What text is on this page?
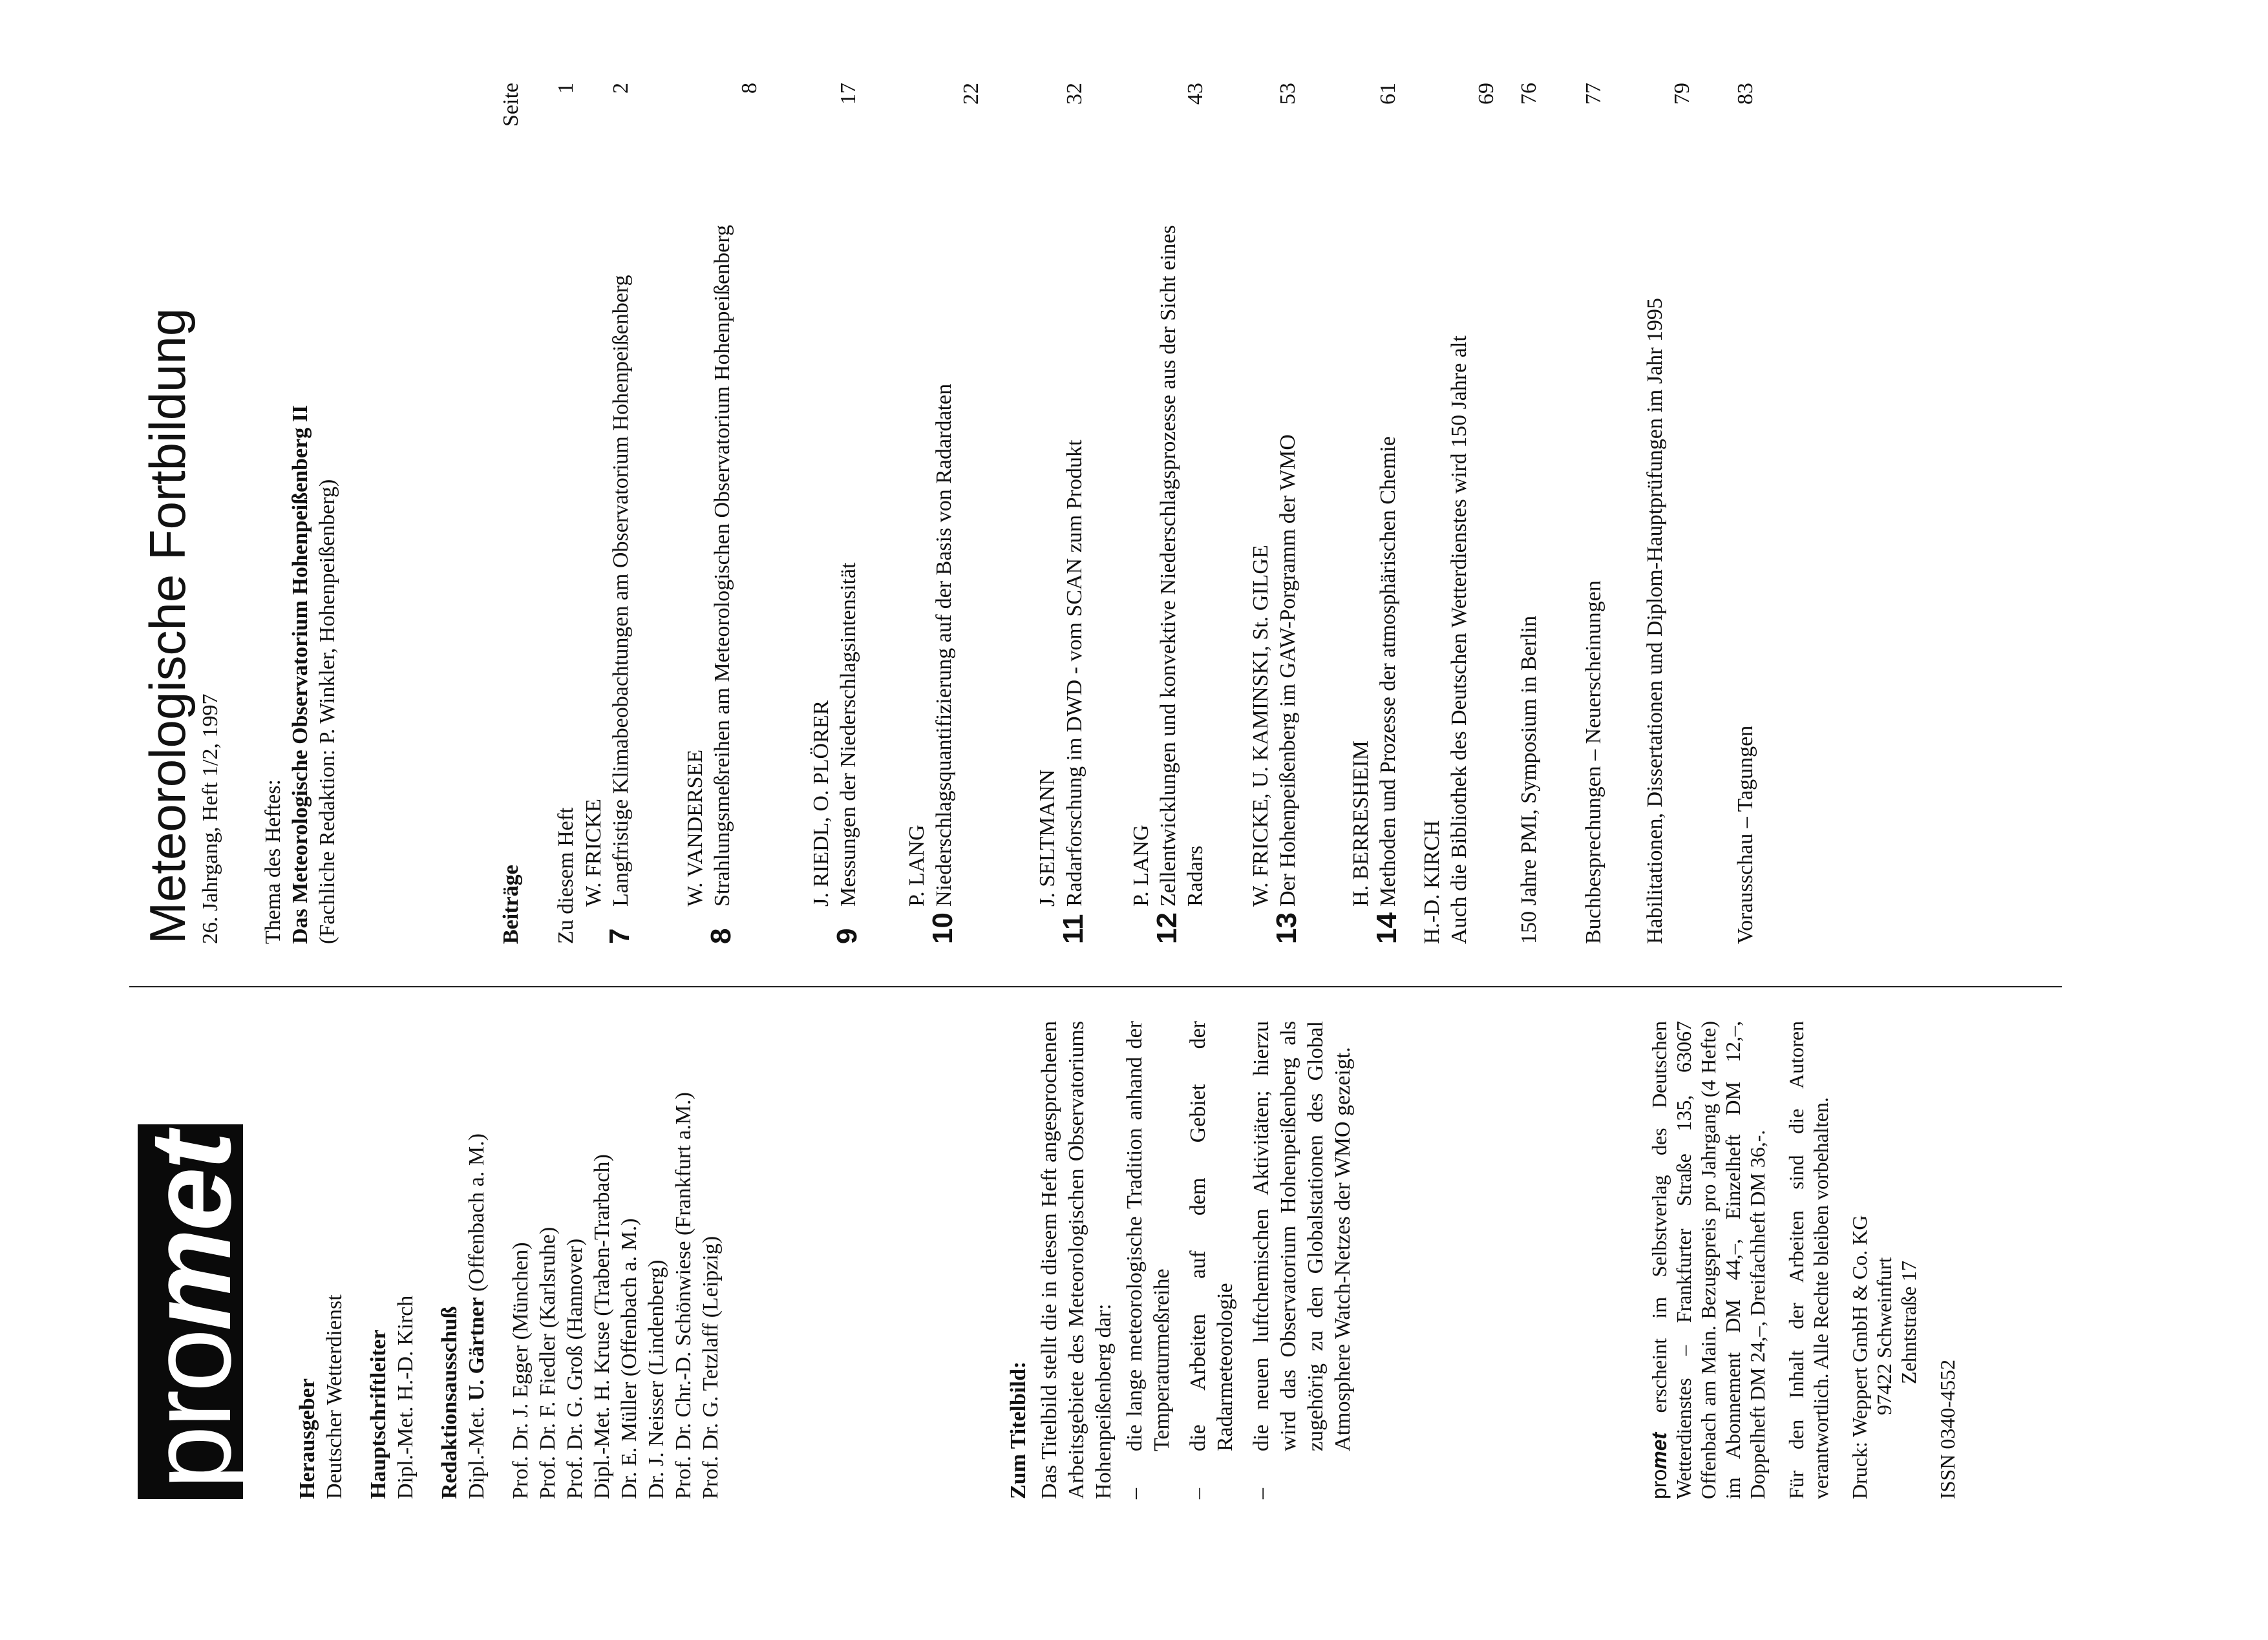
pro
met
Herausgeber Deutscher Wetterdienst Hauptschriftleiter Dipl.-Met. H.-D. Kirch Redaktionsausschuß Dipl.-Met. U. Gärtner (Offenbach a. M.)
Prof. Dr. J. Egger (München) Prof. Dr. F. Fiedler (Karlsruhe) Prof. Dr. G. Groß (Hannover) Dipl.-Met. H. Kruse (Traben-Trarbach) Dr. E. Müller (Offenbach a. M.) Dr. J. Neisser (Lindenberg) Prof. Dr. Chr.-D. Schönwiese (Frankfurt a.M.) Prof. Dr. G. Tetzlaff (Leipzig)	Zum Titelbild: Das Titelbild stellt die in diesem Heft angesprochenen Arbeitsgebiete des Meteorologischen Observatoriums Hohenpeißenberg dar: –
die lange meteorologische Tradition anhand der Temperaturmeßreihe
–
die Arbeiten auf dem Gebiet der Radarmeteorologie
–
die neuen luftchemischen Aktivitäten; hierzu wird das Observatorium Hohenpeißenberg als zugehörig zu den Globalstationen des Global Atmosphere Watch-Netzes der WMO gezeigt.

promet erscheint im Selbstverlag des Deutschen Wetterdienstes – Frankfurter Straße 135, 63067 Offenbach am Main. Bezugspreis pro Jahrgang (4 Hefte) im Abonnement DM 44,–, Einzelheft DM 12,–, Doppelheft DM 24,–, Dreifachheft DM 36,-. Für den Inhalt der Arbeiten sind die Autoren verantwortlich. Alle Rechte bleiben vorbehalten. Druck: Weppert GmbH & Co. KG
97422 Schweinfurt
Zehntstraße 17

ISSN 0340-4552

Meteorologische Fortbildung 26. Jahrgang, Heft 1/2, 1997 Thema des Heftes: Das Meteorologische Observatorium Hohenpeißenberg II (Fachliche Redaktion: P. Winkler, Hohenpeißenberg)	Beiträge
Seite
Zu diesem Heft
1
W. FRICKE
7
Langfristige Klimabeobachtungen am Observatorium Hohenpeißenberg
2
W. VANDERSEE
8
Strahlungsmeßreihen am Meteorologischen Observatorium Hohenpeißenberg
8
J. RIEDL, O. PLÖRER
9
Messungen der Niederschlagsintensität
17
P. LANG
10
Niederschlagsquantifizierung auf der Basis von Radardaten
22
J. SELTMANN
11
Radarforschung im DWD - vom SCAN zum Produkt
32
P. LANG
12
Zellentwicklungen und konvektive Niederschlagsprozesse aus der Sicht eines Radars
43
W. FRICKE, U. KAMINSKI, St. GILGE
13
Der Hohenpeißenberg im GAW-Porgramm der WMO
53
H. BERRESHEIM
14
Methoden und Prozesse der atmosphärischen Chemie
61
H.-D. KIRCH Auch die Bibliothek des Deutschen Wetterdienstes wird 150 Jahre alt
69
150 Jahre PMI, Symposium in Berlin
76
Buchbesprechungen – Neuerscheinungen
77
Habilitationen, Dissertationen und Diplom-Hauptprüfungen im Jahr 1995
79
Vorausschau – Tagungen
83
